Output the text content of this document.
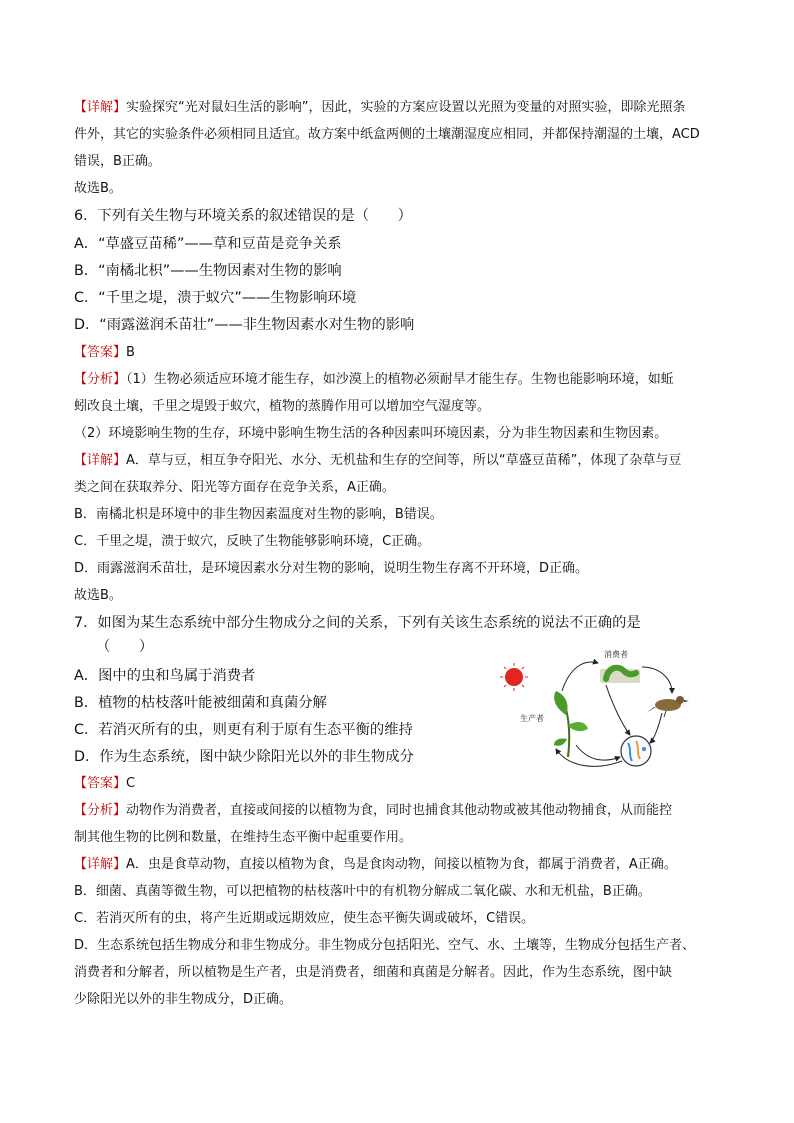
【详解】实验探究“光对鼠妇生活的影响”，因此，实验的方案应设置以光照为变量的对照实验，即除光照条
件外，其它的实验条件必须相同且适宜。故方案中纸盒两侧的土壤潮湿度应相同，并都保持潮湿的土壤，ACD
错误，B正确。
故选B。
6．下列有关生物与环境关系的叙述错误的是（　　）
A．“草盛豆苗稀”——草和豆苗是竞争关系
B．“南橘北枳”——生物因素对生物的影响
C．“千里之堤，溃于蚁穴”——生物影响环境
D．“雨露滋润禾苗壮”——非生物因素水对生物的影响
【答案】B
【分析】（1）生物必须适应环境才能生存，如沙漠上的植物必须耐旱才能生存。生物也能影响环境，如蚯
蚓改良土壤，千里之堤毁于蚁穴，植物的蒸腾作用可以增加空气湿度等。
（2）环境影响生物的生存，环境中影响生物生活的各种因素叫环境因素，分为非生物因素和生物因素。
【详解】A．草与豆，相互争夺阳光、水分、无机盐和生存的空间等，所以“草盛豆苗稀”，体现了杂草与豆
类之间在获取养分、阳光等方面存在竞争关系，A正确。
B．南橘北枳是环境中的非生物因素温度对生物的影响，B错误。
C．千里之堤，溃于蚁穴，反映了生物能够影响环境，C正确。
D．雨露滋润禾苗壮，是环境因素水分对生物的影响，说明生物生存离不开环境，D正确。
故选B。
7．如图为某生态系统中部分生物成分之间的关系，下列有关该生态系统的说法不正确的是
（　　）
A．图中的虫和鸟属于消费者
B．植物的枯枝落叶能被细菌和真菌分解
C．若消灭所有的虫，则更有利于原有生态平衡的维持
D．作为生态系统，图中缺少除阳光以外的非生物成分
生产者
消费者
【答案】C
【分析】动物作为消费者，直接或间接的以植物为食，同时也捕食其他动物或被其他动物捕食，从而能控
制其他生物的比例和数量，在维持生态平衡中起重要作用。
【详解】A．虫是食草动物，直接以植物为食，鸟是食肉动物，间接以植物为食，都属于消费者，A正确。
B．细菌、真菌等微生物，可以把植物的枯枝落叶中的有机物分解成二氧化碳、水和无机盐，B正确。
C．若消灭所有的虫，将产生近期或远期效应，使生态平衡失调或破坏，C错误。
D．生态系统包括生物成分和非生物成分。非生物成分包括阳光、空气、水、土壤等，生物成分包括生产者、
消费者和分解者，所以植物是生产者，虫是消费者，细菌和真菌是分解者。因此，作为生态系统，图中缺
少除阳光以外的非生物成分，D正确。
